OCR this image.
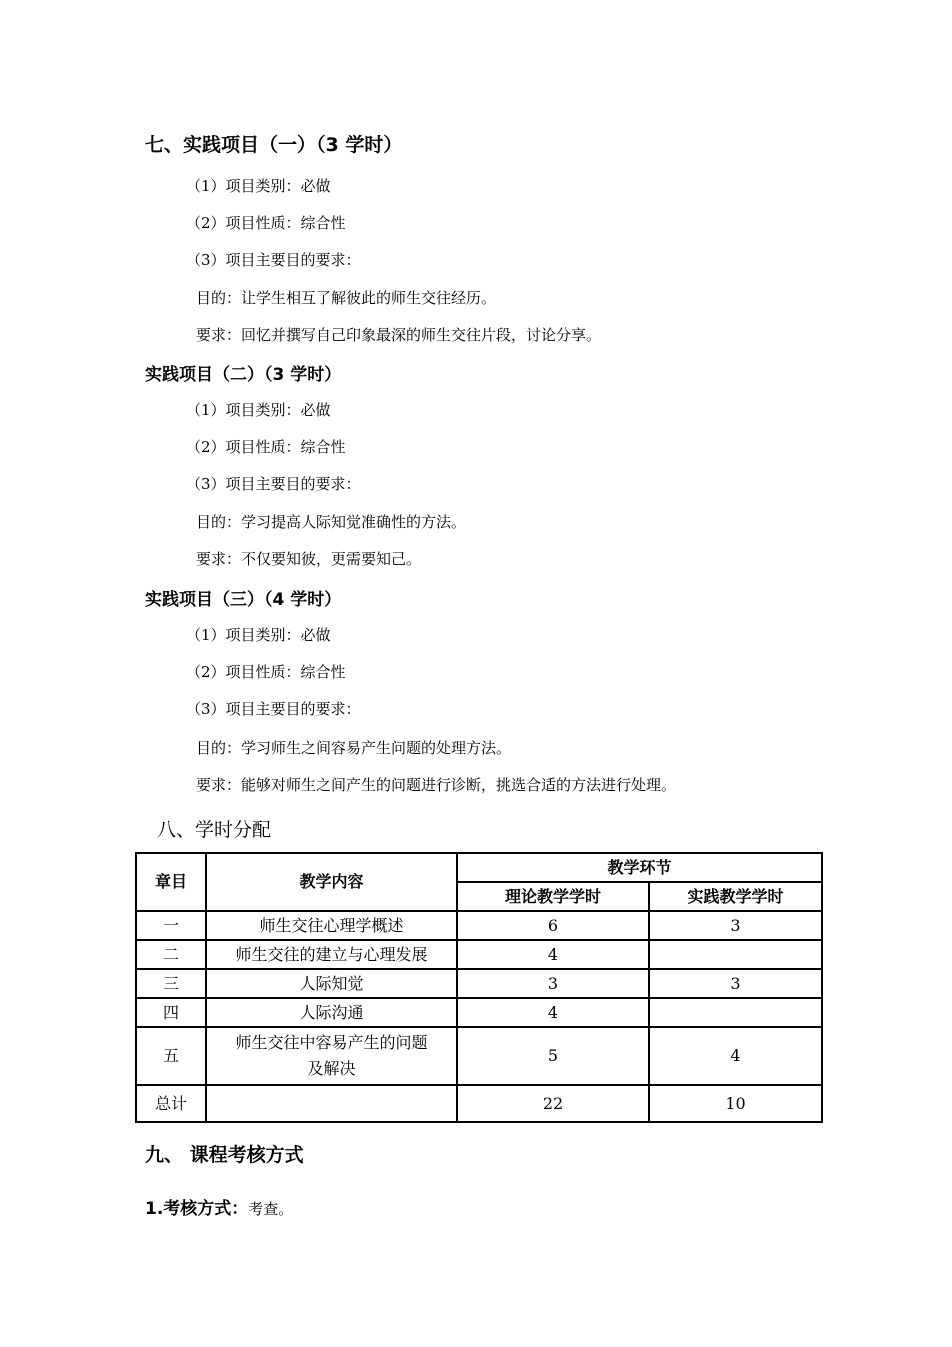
七、实践项目（一）（3 学时）
（1）项目类别：必做
（2）项目性质：综合性
（3）项目主要目的要求：
目的：让学生相互了解彼此的师生交往经历。
要求：回忆并撰写自己印象最深的师生交往片段，讨论分享。
实践项目（二）（3 学时）
（1）项目类别：必做
（2）项目性质：综合性
（3）项目主要目的要求：
目的：学习提高人际知觉准确性的方法。
要求：不仅要知彼，更需要知己。
实践项目（三）（4 学时）
（1）项目类别：必做
（2）项目性质：综合性
（3）项目主要目的要求：
目的：学习师生之间容易产生问题的处理方法。
要求：能够对师生之间产生的问题进行诊断，挑选合适的方法进行处理。
八、学时分配
章目	教学内容	教学环节	
		理论教学学时	实践教学学时
一	师生交往心理学概述	6	3
二	师生交往的建立与心理发展	4	
三	人际知觉	3	3
四	人际沟通	4	
五	师生交往中容易产生的问题
及解决	5	4
总计		22	10
九、 课程考核方式
1.考核方式：考查。
